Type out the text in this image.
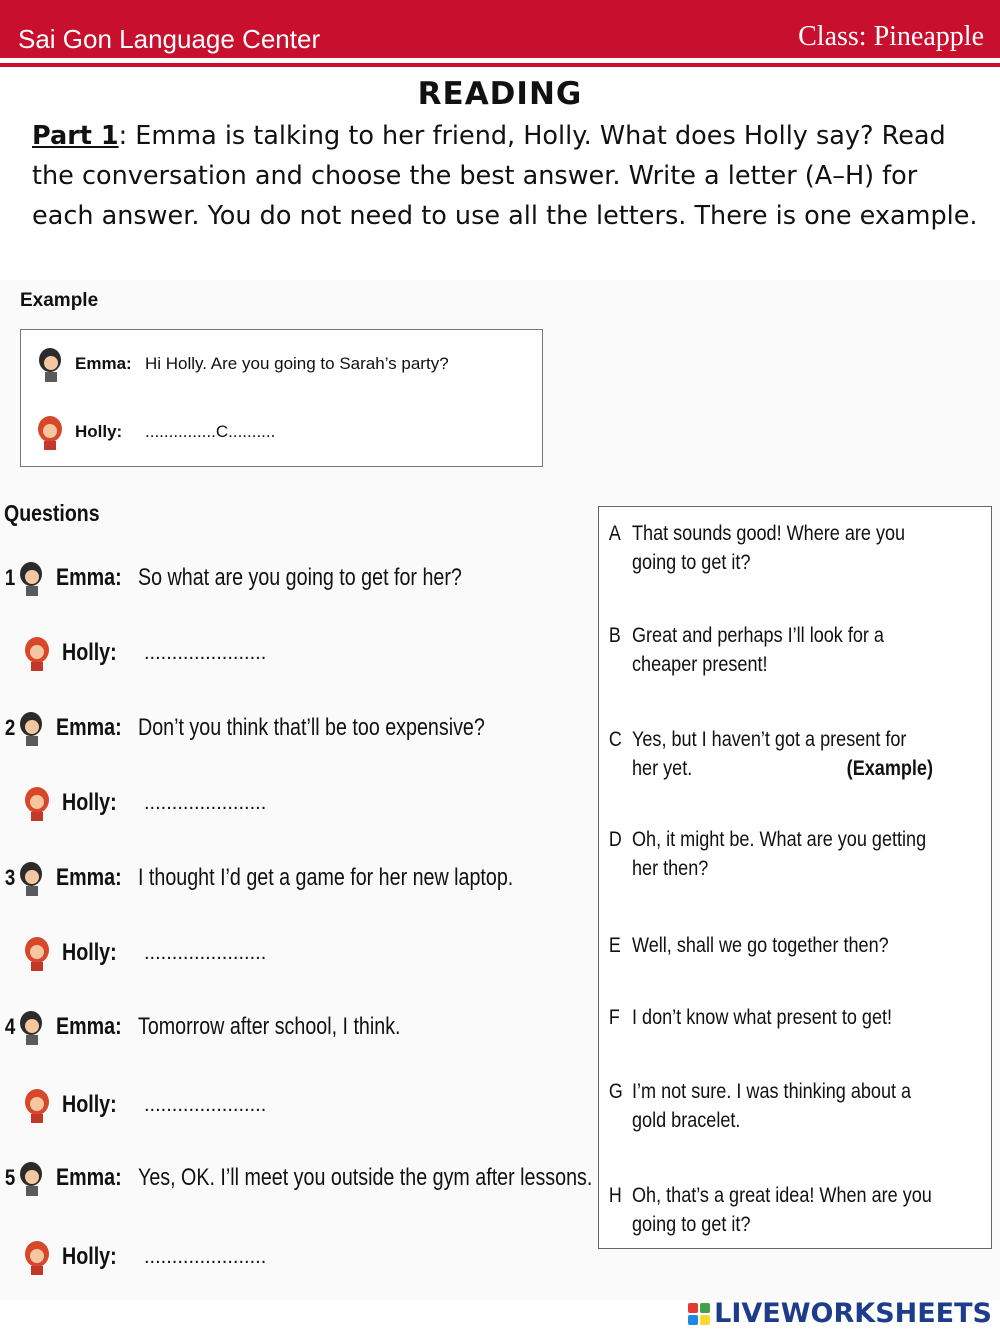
Sai Gon Language Center	Class: Pineapple
READING
Part 1: Emma is talking to her friend, Holly. What does Holly say? Read the conversation and choose the best answer. Write a letter (A–H) for each answer. You do not need to use all the letters. There is one example.
Example
Emma: Hi Holly. Are you going to Sarah’s party?
Holly:	...............C..........
Questions
1 Emma: So what are you going to get for her?
Holly:	......................
2 Emma: Don’t you think that’ll be too expensive?
Holly:	......................
3 Emma: I thought I’d get a game for her new laptop.
Holly:	......................
4 Emma: Tomorrow after school, I think.
Holly:	......................
5 Emma: Yes, OK. I’ll meet you outside the gym after lessons.
Holly:	......................
A That sounds good! Where are you going to get it?
B Great and perhaps I’ll look for a cheaper present!
C Yes, but I haven’t got a present for her yet.	(Example)
D Oh, it might be. What are you getting her then?
E Well, shall we go together then?
F I don’t know what present to get!
G I’m not sure. I was thinking about a gold bracelet.
H Oh, that’s a great idea! When are you going to get it?
LIVEWORKSHEETS
